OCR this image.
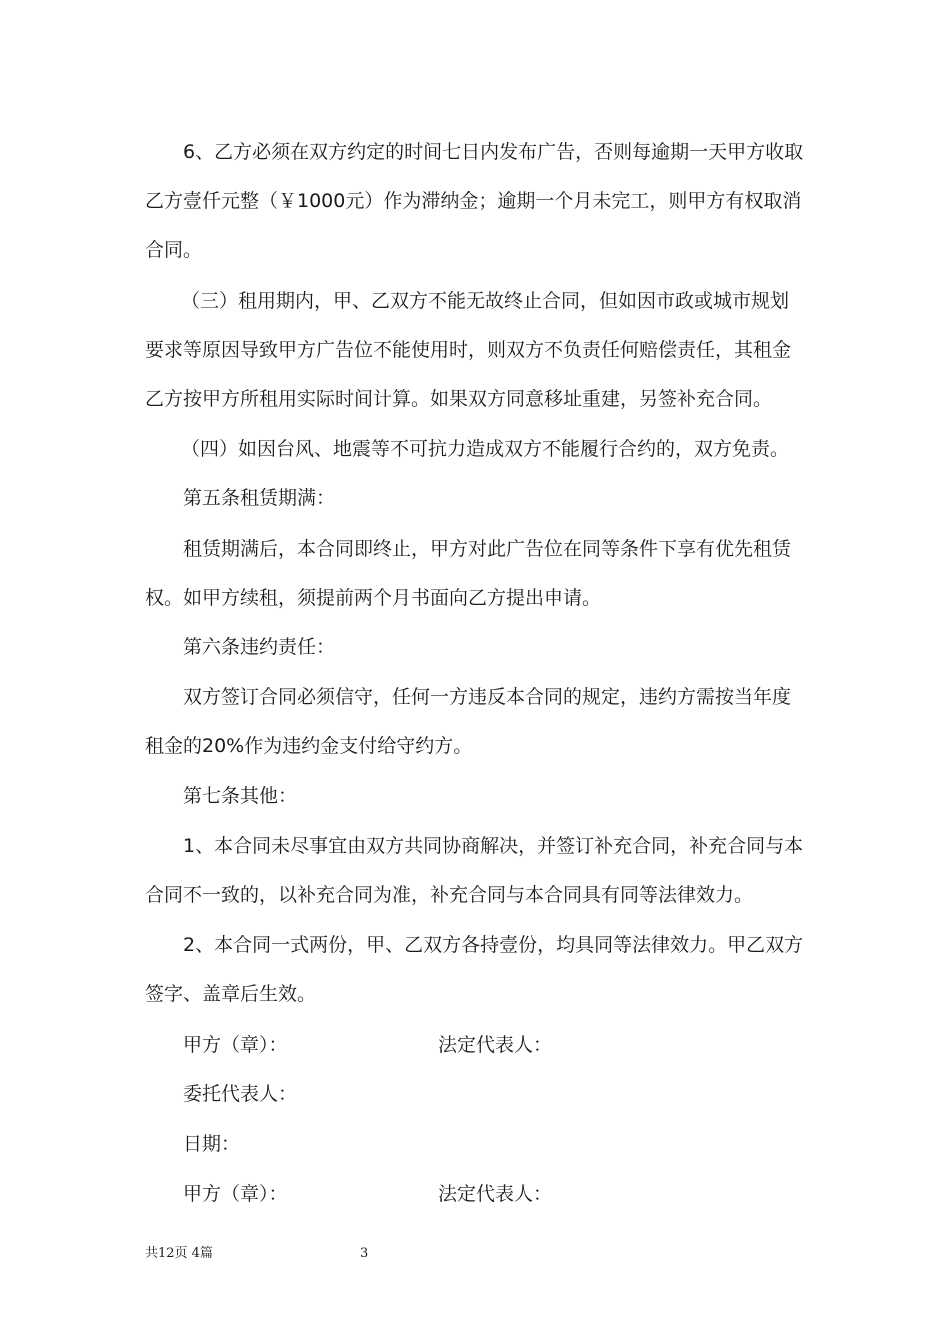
6、乙方必须在双方约定的时间七日内发布广告，否则每逾期一天甲方收取
乙方壹仟元整（￥1000元）作为滞纳金；逾期一个月未完工，则甲方有权取消
合同。
（三）租用期内，甲、乙双方不能无故终止合同，但如因市政或城市规划
要求等原因导致甲方广告位不能使用时，则双方不负责任何赔偿责任，其租金
乙方按甲方所租用实际时间计算。如果双方同意移址重建，另签补充合同。
（四）如因台风、地震等不可抗力造成双方不能履行合约的，双方免责。
第五条租赁期满：
租赁期满后，本合同即终止，甲方对此广告位在同等条件下享有优先租赁
权。如甲方续租，须提前两个月书面向乙方提出申请。
第六条违约责任：
双方签订合同必须信守，任何一方违反本合同的规定，违约方需按当年度
租金的20%作为违约金支付给守约方。
第七条其他：
1、本合同未尽事宜由双方共同协商解决，并签订补充合同，补充合同与本
合同不一致的，以补充合同为准，补充合同与本合同具有同等法律效力。
2、本合同一式两份，甲、乙双方各持壹份，均具同等法律效力。甲乙双方
签字、盖章后生效。
甲方（章）：	法定代表人：
委托代表人：
日期：
甲方（章）：	法定代表人：
共12页 4篇	3
